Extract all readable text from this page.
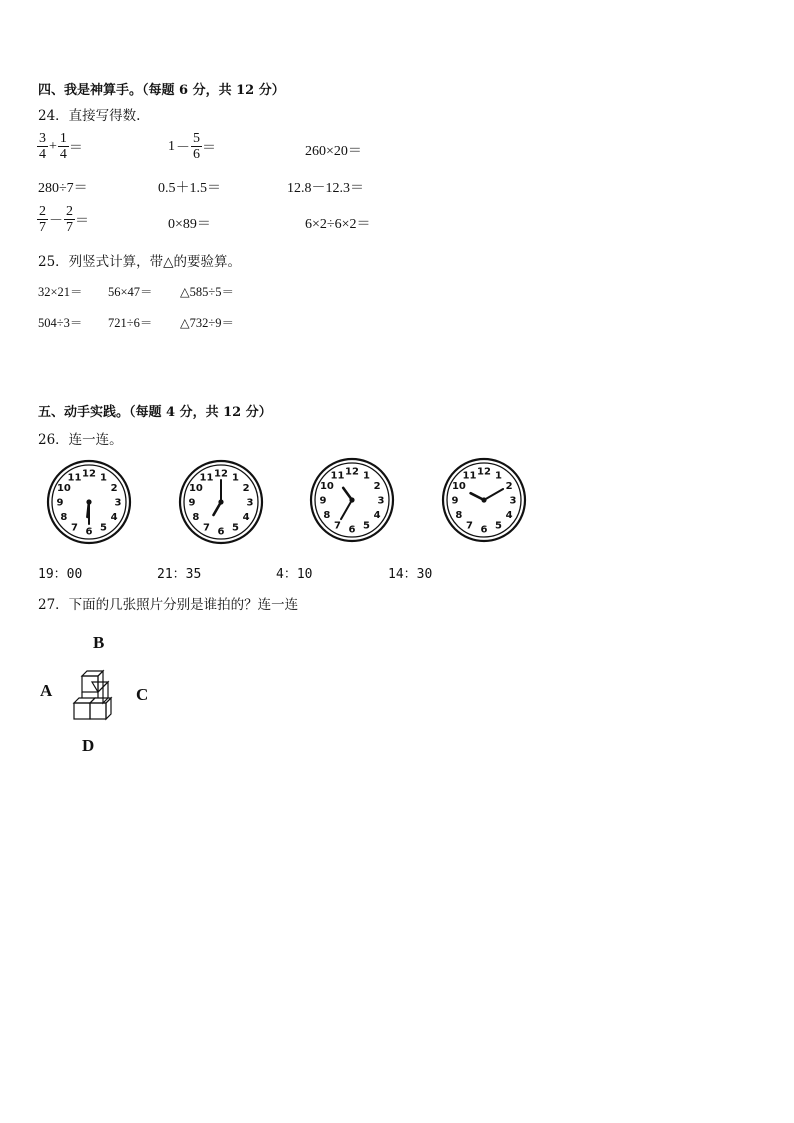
四、我是神算手。（每题 6 分，共 12 分）
24．直接写得数.
$\frac{3}{4} + \frac{1}{4}$ ＝	$1 - \frac{5}{6}$ ＝	260×20＝
280÷7＝	0.5＋1.5＝	12.8－12.3＝
$\frac{2}{7} - \frac{2}{7}$ ＝	0×89＝	6×2÷6×2＝
25．列竖式计算，带△的要验算。
32×21＝ 56×47＝ △585÷5＝
504÷3＝ 721÷6＝ △732÷9＝
五、动手实践。（每题 4 分，共 12 分）
26．连一连。
1
2
3
4
5
6
7
8
9
10
11 12	1
2
3
4
5
6
7
8
9
10
11 12	1
2
3
4
5
6
7
8
9
10
11 12	1
2
3
4
5
6
7
8
9
10
11 12
19：00	21：35	4：10	14：30
27．下面的几张照片分别是谁拍的？连一连
B
A	C
D
